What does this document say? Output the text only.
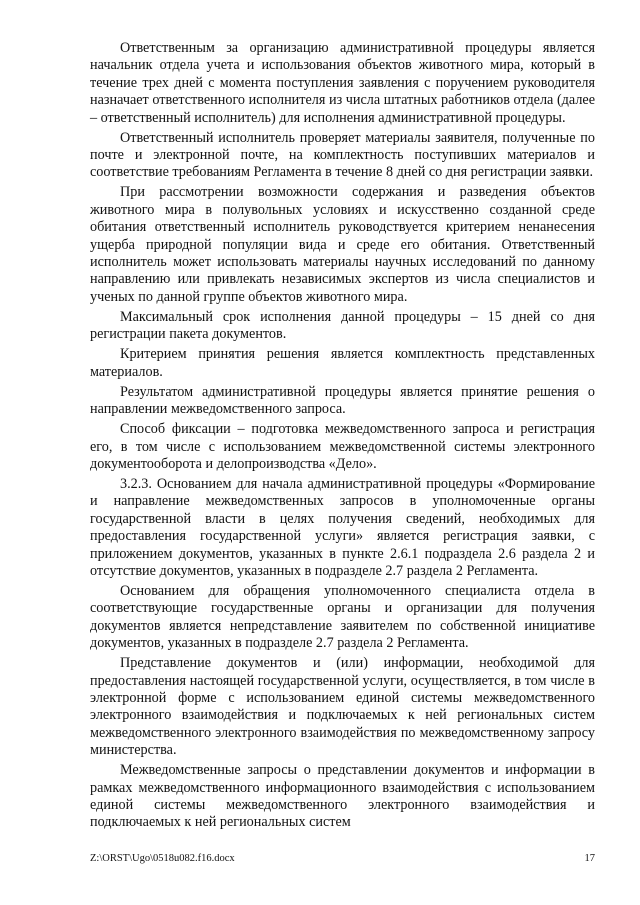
Ответственным за организацию административной процедуры является начальник отдела учета и использования объектов животного мира, который в течение трех дней с момента поступления заявления с поручением руководителя назначает ответственного исполнителя из числа штатных работников отдела (далее – ответственный исполнитель) для исполнения административной процедуры.

Ответственный исполнитель проверяет материалы заявителя, полученные по почте и электронной почте, на комплектность поступивших материалов и соответствие требованиям Регламента в течение 8 дней со дня регистрации заявки.

При рассмотрении возможности содержания и разведения объектов животного мира в полувольных условиях и искусственно созданной среде обитания ответственный исполнитель руководствуется критерием ненанесения ущерба природной популяции вида и среде его обитания. Ответственный исполнитель может использовать материалы научных исследований по данному направлению или привлекать независимых экспертов из числа специалистов и ученых по данной группе объектов животного мира.

Максимальный срок исполнения данной процедуры – 15 дней со дня регистрации пакета документов.

Критерием принятия решения является комплектность представленных материалов.

Результатом административной процедуры является принятие решения о направлении межведомственного запроса.

Способ фиксации – подготовка межведомственного запроса и регистрация его, в том числе с использованием межведомственной системы электронного документооборота и делопроизводства «Дело».

3.2.3. Основанием для начала административной процедуры «Формирование и направление межведомственных запросов в уполномоченные органы государственной власти в целях получения сведений, необходимых для предоставления государственной услуги» является регистрация заявки, с приложением документов, указанных в пункте 2.6.1 подраздела 2.6 раздела 2 и отсутствие документов, указанных в подразделе 2.7 раздела 2 Регламента.

Основанием для обращения уполномоченного специалиста отдела в соответствующие государственные органы и организации для получения документов является непредставление заявителем по собственной инициативе документов, указанных в подразделе 2.7 раздела 2 Регламента.

Представление документов и (или) информации, необходимой для предоставления настоящей государственной услуги, осуществляется, в том числе в электронной форме с использованием единой системы межведомственного электронного взаимодействия и подключаемых к ней региональных систем межведомственного электронного взаимодействия по межведомственному запросу министерства.

Межведомственные запросы о представлении документов и информации в рамках межведомственного информационного взаимодействия с использованием единой системы межведомственного электронного взаимодействия и подключаемых к ней региональных систем

Z:\ORST\Ugo\0518u082.f16.docx	17
